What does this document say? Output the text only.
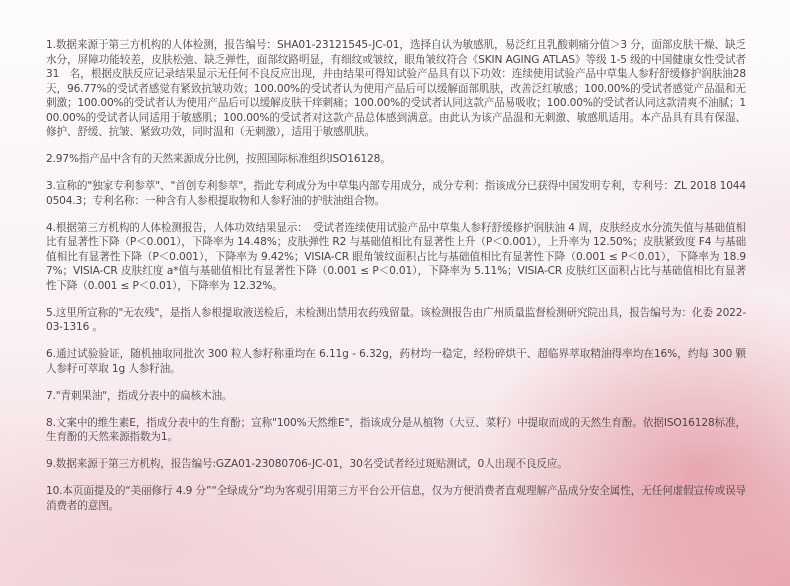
1.数据来源于第三方机构的人体检测，报告编号：SHA01-23121545-JC-01，选择自认为敏感肌，易泛红且乳酸刺痛分值＞3 分，面部皮肤干燥、缺乏水分，屏障功能较差，皮肤松弛、缺乏弹性，面部纹路明显，有细纹或皱纹，眼角皱纹符合《SKIN AGING ATLAS》等级 1-5 级的中国健康女性受试者　31　名，根据皮肤反应记录结果显示无任何不良反应出现，并由结果可得知试验产品具有以下功效：连续使用试验产品中草集人参籽舒缓修护润肤油28天，96.77%的受试者感觉有紧致抗皱功效；100.00%的受试者认为使用产品后可以缓解面部肌肤，改善泛红敏感；100.00%的受试者感觉产品温和无刺激；100.00%的受试者认为使用产品后可以缓解皮肤干痒刺痛；100.00%的受试者认同这款产品易吸收；100.00%的受试者认同这款清爽不油腻；100.00%的受试者认同适用于敏感肌；100.00%的受试者对这款产品总体感到满意。由此认为该产品温和无刺激、敏感肌适用。本产品具有具有保湿、修护、舒缓、抗皱、紧致功效，同时温和（无刺激），适用于敏感肌肤。

2.97%指产品中含有的天然来源成分比例，按照国际标准组织ISO16128。

3.宣称的"独家专利参萃"、"首创专利参萃"，指此专利成分为中草集内部专用成分，成分专利：指该成分已获得中国发明专利，专利号：ZL 2018 10440504.3；专利名称：一种含有人参根提取物和人参籽油的护肤油组合物。

4.根据第三方机构的人体检测报告，人体功效结果显示：　受试者连续使用试验产品中草集人参籽舒缓修护润肤油 4 周，皮肤经皮水分流失值与基础值相比有显著性下降（P＜0.001），下降率为 14.48%；皮肤弹性 R2 与基础值相比有显著性上升（P＜0.001），上升率为 12.50%；皮肤紧致度 F4 与基础值相比有显著性下降（P＜0.001），下降率为 9.42%；VISIA-CR 眼角皱纹面积占比与基础值相比有显著性下降（0.001 ≤ P＜0.01），下降率为 18.97%；VISIA-CR 皮肤红度 a*值与基础值相比有显著性下降（0.001 ≤ P＜0.01），下降率为 5.11%；VISIA-CR 皮肤红区面积占比与基础值相比有显著性下降（0.001 ≤ P＜0.01），下降率为 12.32%。

5.这里所宣称的"无农残"，是指人参根提取液送检后，未检测出禁用农药残留量。该检测报告由广州质量监督检测研究院出具，报告编号为：化委 2022-03-1316 。

6.通过试验验证，随机抽取同批次 300 粒人参籽称重均在 6.11g - 6.32g，药材均一稳定，经粉碎烘干、超临界萃取精油得率均在16%，约每 300 颗人参籽可萃取 1g 人参籽油。

7."青刺果油"，指成分表中的扁核木油。

8.文案中的维生素E，指成分表中的生育酚；宣称"100%天然维E"，指该成分是从植物（大豆、菜籽）中提取而成的天然生育酚。依据ISO16128标准，生育酚的天然来源指数为1。

9.数据来源于第三方机构，报告编号:GZA01-23080706-JC-01，30名受试者经过斑贴测试，0人出现不良反应。

10.本页面提及的“美丽修行 4.9 分”“全绿成分”均为客观引用第三方平台公开信息，仅为方便消费者直观理解产品成分安全属性，无任何虚假宣传或误导消费者的意图。
